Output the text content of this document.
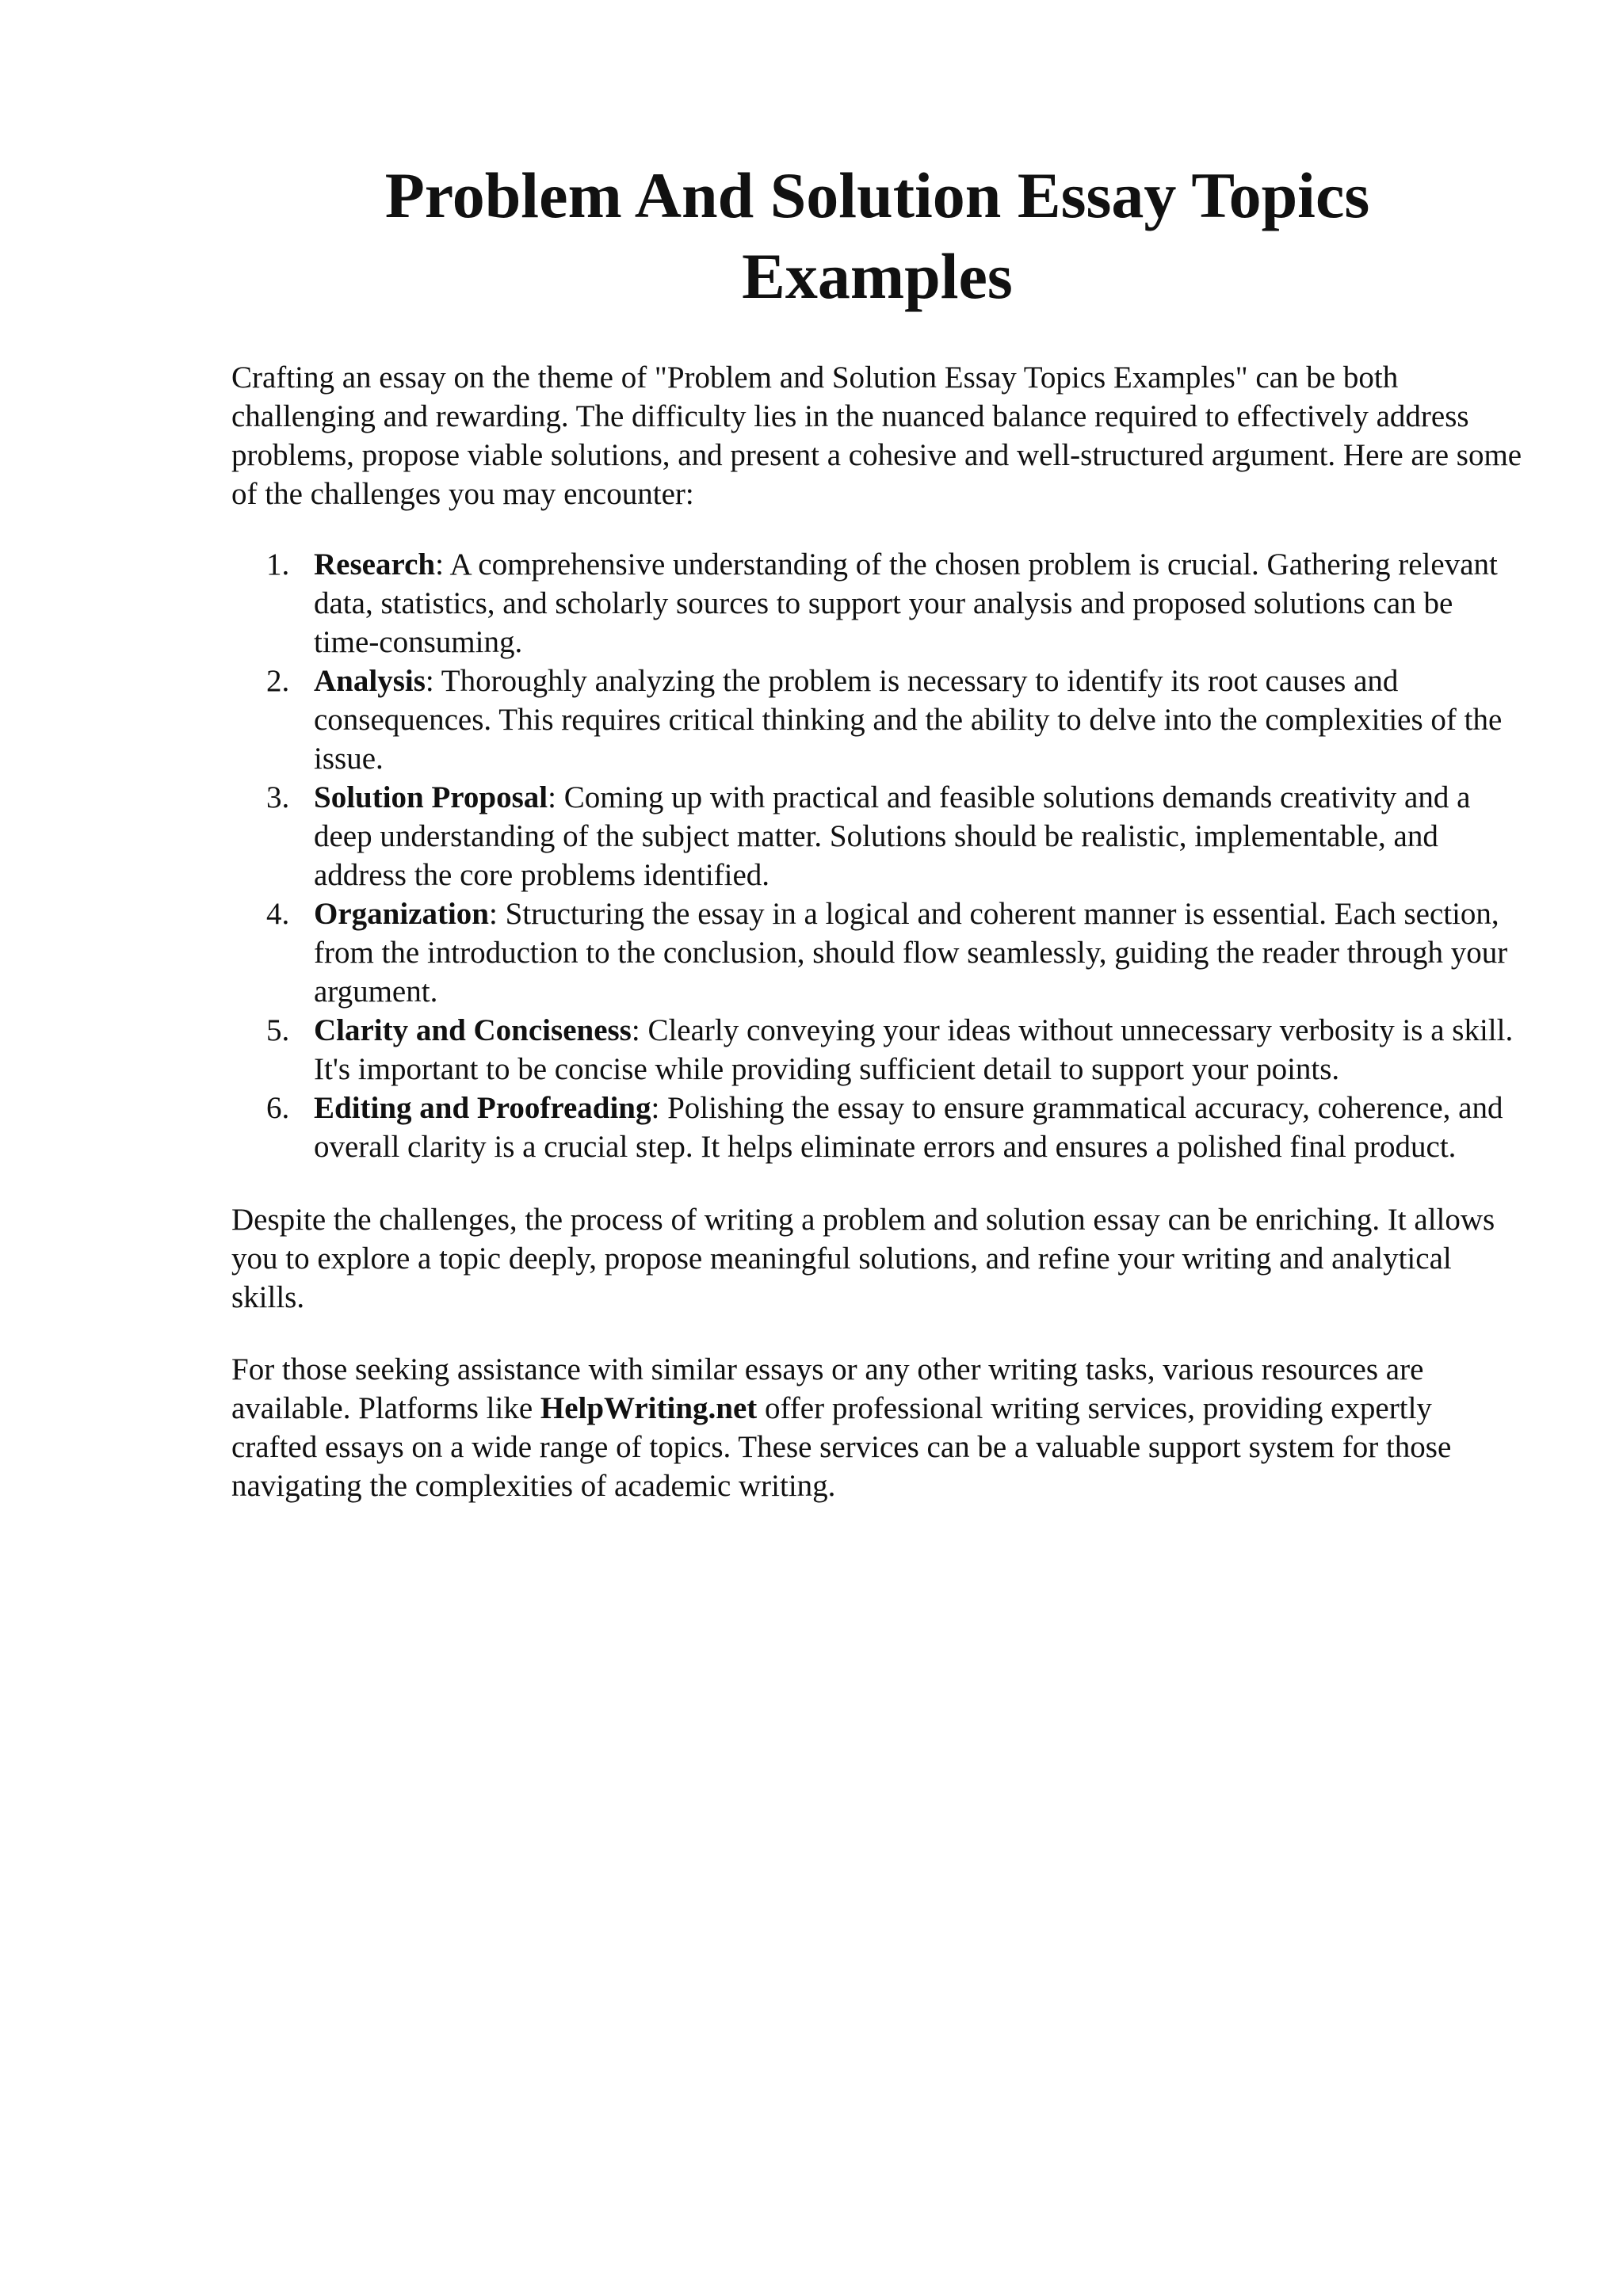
Problem And Solution Essay Topics Examples

Crafting an essay on the theme of "Problem and Solution Essay Topics Examples" can be both challenging and rewarding. The difficulty lies in the nuanced balance required to effectively address problems, propose viable solutions, and present a cohesive and well-structured argument. Here are some of the challenges you may encounter:

1. Research: A comprehensive understanding of the chosen problem is crucial. Gathering relevant data, statistics, and scholarly sources to support your analysis and proposed solutions can be time-consuming.
2. Analysis: Thoroughly analyzing the problem is necessary to identify its root causes and consequences. This requires critical thinking and the ability to delve into the complexities of the issue.
3. Solution Proposal: Coming up with practical and feasible solutions demands creativity and a deep understanding of the subject matter. Solutions should be realistic, implementable, and address the core problems identified.
4. Organization: Structuring the essay in a logical and coherent manner is essential. Each section, from the introduction to the conclusion, should flow seamlessly, guiding the reader through your argument.
5. Clarity and Conciseness: Clearly conveying your ideas without unnecessary verbosity is a skill. It's important to be concise while providing sufficient detail to support your points.
6. Editing and Proofreading: Polishing the essay to ensure grammatical accuracy, coherence, and overall clarity is a crucial step. It helps eliminate errors and ensures a polished final product.

Despite the challenges, the process of writing a problem and solution essay can be enriching. It allows you to explore a topic deeply, propose meaningful solutions, and refine your writing and analytical skills.

For those seeking assistance with similar essays or any other writing tasks, various resources are available. Platforms like HelpWriting.net offer professional writing services, providing expertly crafted essays on a wide range of topics. These services can be a valuable support system for those navigating the complexities of academic writing.
